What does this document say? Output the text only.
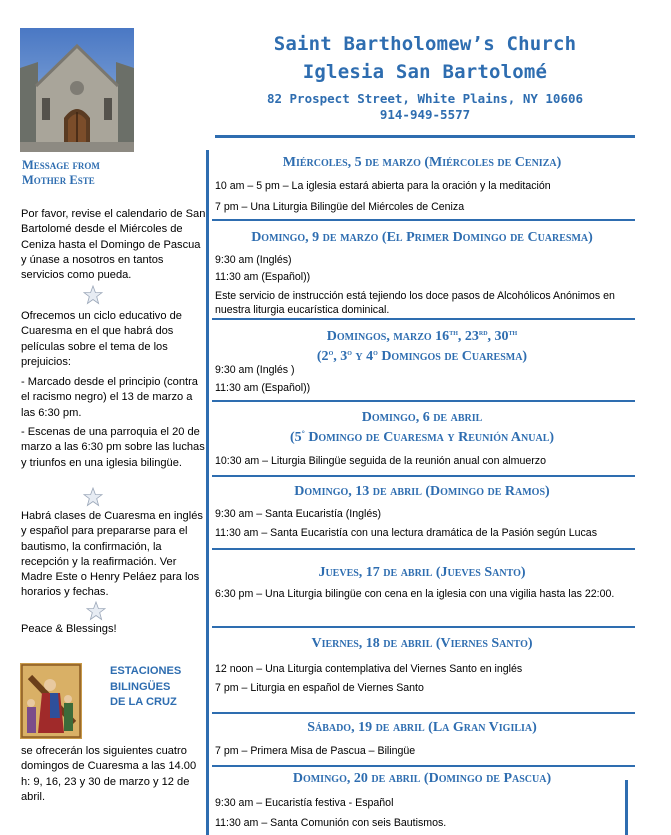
Message from
Mother Este
Por favor, revise el calendario de San Bartolomé desde el Miércoles de Ceniza hasta el Domingo de Pascua y únase a nosotros en tantos servicios como pueda.
Ofrecemos un ciclo educativo de Cuaresma en el que habrá dos películas sobre el tema de los prejuicios:
- Marcado desde el principio (contra el racismo negro) el 13 de marzo a las 6:30 pm.
- Escenas de una parroquia el 20 de marzo a las 6:30 pm sobre las luchas y triunfos en una iglesia bilingüe.
Habrá clases de Cuaresma en inglés y español para prepararse para el bautismo, la confirmación, la recepción y la reafirmación. Ver Madre Este o Henry Peláez para los horarios y fechas.
Peace & Blessings!
ESTACIONES
BILINGÜES
DE LA CRUZ
se ofrecerán los siguientes cuatro domingos de Cuaresma a las 14.00 h: 9, 16, 23 y 30 de marzo y 12 de abril.
Saint Bartholomew’s Church
Iglesia San Bartolomé
82 Prospect Street, White Plains, NY 10606
914-949-5577
Miércoles, 5 de marzo (Miércoles de Ceniza)
10 am – 5 pm – La iglesia estará abierta para la oración y la meditación
7 pm – Una Liturgia Bilingüe del Miércoles de Ceniza
Domingo, 9 de marzo (El Primer Domingo de Cuaresma)
9:30 am (Inglés)
11:30 am (Español))
Este servicio de instrucción está tejiendo los doce pasos de Alcohólicos Anónimos en nuestra liturgia eucarística dominical.
Domingos, marzo 16th, 23rd, 30th
(2$^o$, 3$^o$ y 4$^o$ Domingos de Cuaresma)
9:30 am (Inglés )
11:30 am (Español))
Domingo, 6 de abril
(5° Domingo de Cuaresma y Reunión Anual)
10:30 am – Liturgia Bilingüe seguida de la reunión anual con almuerzo
Domingo, 13 de abril (Domingo de Ramos)
9:30 am – Santa Eucaristía (Inglés)
11:30 am – Santa Eucaristía con una lectura dramática de la Pasión según Lucas
Jueves, 17 de abril (Jueves Santo)
6:30 pm – Una Liturgia bilingüe con cena en la iglesia con una vigilia hasta las 22:00.
Viernes, 18 de abril (Viernes Santo)
12 noon – Una Liturgia contemplativa del Viernes Santo en inglés
7 pm – Liturgia en español de Viernes Santo
Sábado, 19 de abril (La Gran Vigilia)
7 pm – Primera Misa de Pascua – Bilingüe
Domingo, 20 de abril (Domingo de Pascua)
9:30 am – Eucaristía festiva - Español
11:30 am – Santa Comunión con seis Bautismos.
